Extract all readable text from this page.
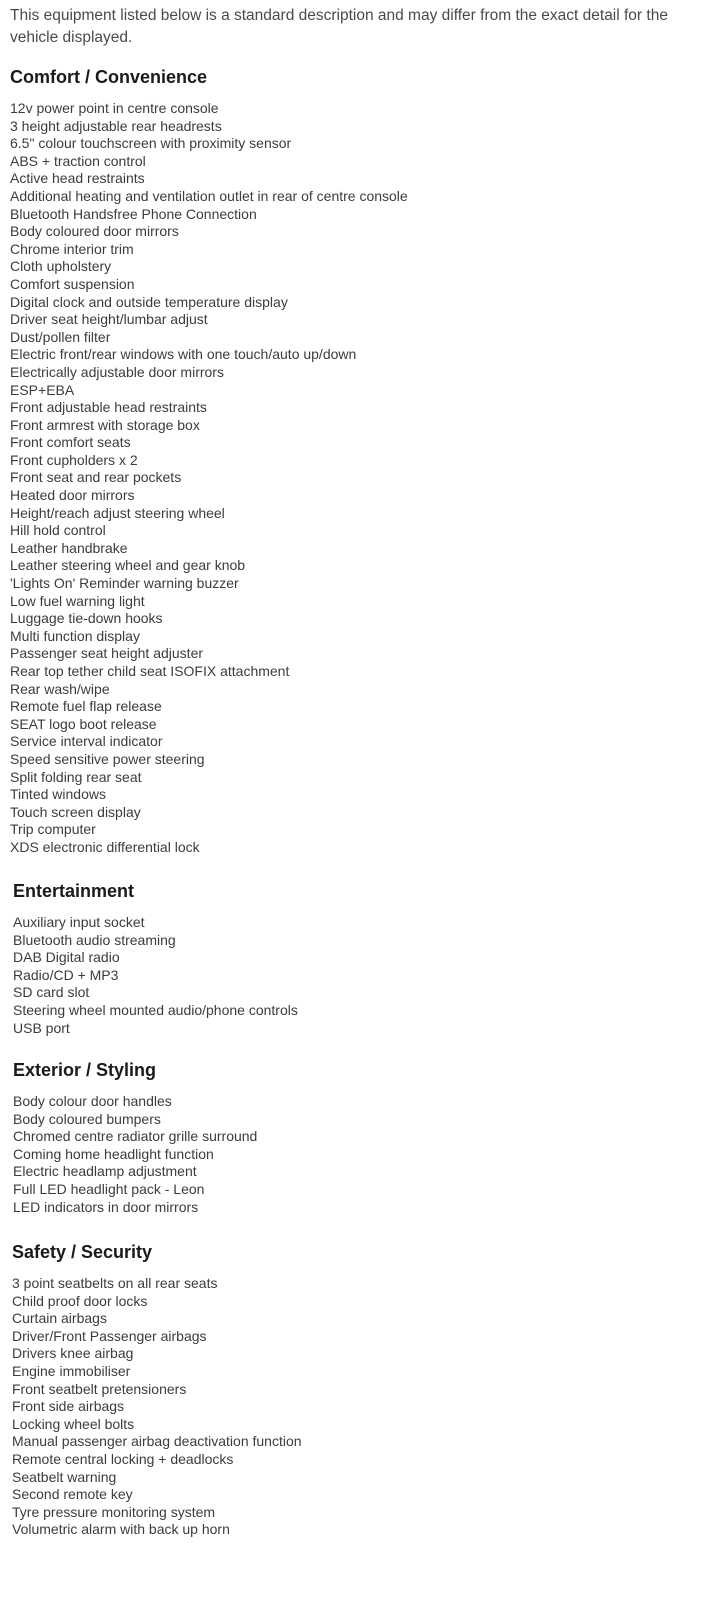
This equipment listed below is a standard description and may differ from the exact detail for the vehicle displayed.

Comfort / Convenience
12v power point in centre console
3 height adjustable rear headrests
6.5" colour touchscreen with proximity sensor
ABS + traction control
Active head restraints
Additional heating and ventilation outlet in rear of centre console
Bluetooth Handsfree Phone Connection
Body coloured door mirrors
Chrome interior trim
Cloth upholstery
Comfort suspension
Digital clock and outside temperature display
Driver seat height/lumbar adjust
Dust/pollen filter
Electric front/rear windows with one touch/auto up/down
Electrically adjustable door mirrors
ESP+EBA
Front adjustable head restraints
Front armrest with storage box
Front comfort seats
Front cupholders x 2
Front seat and rear pockets
Heated door mirrors
Height/reach adjust steering wheel
Hill hold control
Leather handbrake
Leather steering wheel and gear knob
'Lights On' Reminder warning buzzer
Low fuel warning light
Luggage tie-down hooks
Multi function display
Passenger seat height adjuster
Rear top tether child seat ISOFIX attachment
Rear wash/wipe
Remote fuel flap release
SEAT logo boot release
Service interval indicator
Speed sensitive power steering
Split folding rear seat
Tinted windows
Touch screen display
Trip computer
XDS electronic differential lock
Entertainment
Auxiliary input socket
Bluetooth audio streaming
DAB Digital radio
Radio/CD + MP3
SD card slot
Steering wheel mounted audio/phone controls
USB port
Exterior / Styling
Body colour door handles
Body coloured bumpers
Chromed centre radiator grille surround
Coming home headlight function
Electric headlamp adjustment
Full LED headlight pack - Leon
LED indicators in door mirrors
Safety / Security
3 point seatbelts on all rear seats
Child proof door locks
Curtain airbags
Driver/Front Passenger airbags
Drivers knee airbag
Engine immobiliser
Front seatbelt pretensioners
Front side airbags
Locking wheel bolts
Manual passenger airbag deactivation function
Remote central locking + deadlocks
Seatbelt warning
Second remote key
Tyre pressure monitoring system
Volumetric alarm with back up horn
